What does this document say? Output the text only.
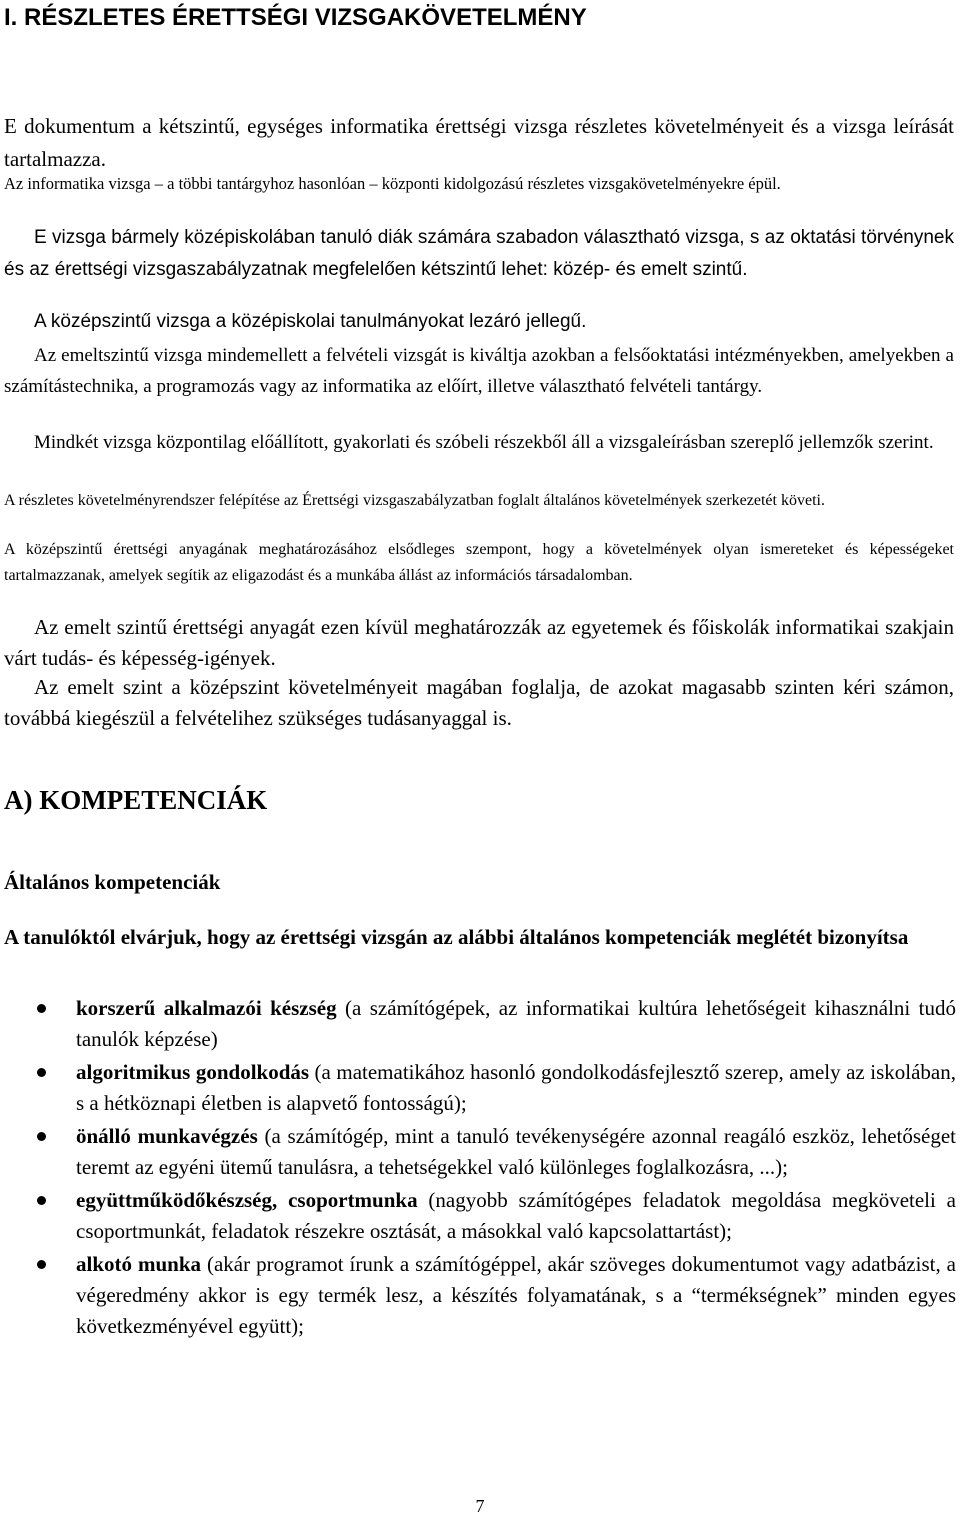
I. RÉSZLETES ÉRETTSÉGI VIZSGAKÖVETELMÉNY

E dokumentum a kétszintű, egységes informatika érettségi vizsga részletes követelményeit és a vizsga leírását tartalmazza.

Az informatika vizsga – a többi tantárgyhoz hasonlóan – központi kidolgozású részletes vizsgakövetelményekre épül.

E vizsga bármely középiskolában tanuló diák számára szabadon választható vizsga, s az oktatási törvénynek és az érettségi vizsgaszabályzatnak megfelelően kétszintű lehet: közép- és emelt szintű.

A középszintű vizsga a középiskolai tanulmányokat lezáró jellegű.

Az emeltszintű vizsga mindemellett a felvételi vizsgát is kiváltja azokban a felsőoktatási intézményekben, amelyekben a számítástechnika, a programozás vagy az informatika az előírt, illetve választható felvételi tantárgy.

Mindkét vizsga központilag előállított, gyakorlati és szóbeli részekből áll a vizsgaleírásban szereplő jellemzők szerint.

A részletes követelményrendszer felépítése az Érettségi vizsgaszabályzatban foglalt általános követelmények szerkezetét követi.

A középszintű érettségi anyagának meghatározásához elsődleges szempont, hogy a követelmények olyan ismereteket és képességeket tartalmazzanak, amelyek segítik az eligazodást és a munkába állást az információs társadalomban.

Az emelt szintű érettségi anyagát ezen kívül meghatározzák az egyetemek és főiskolák informatikai szakjain várt tudás- és képesség-igények.

Az emelt szint a középszint követelményeit magában foglalja, de azokat magasabb szinten kéri számon, továbbá kiegészül a felvételihez szükséges tudásanyaggal is.

A) KOMPETENCIÁK
Általános kompetenciák

A tanulóktól elvárjuk, hogy az érettségi vizsgán az alábbi általános kompetenciák meglétét bizonyítsa

korszerű alkalmazói készség (a számítógépek, az informatikai kultúra lehetőségeit kihasználni tudó tanulók képzése)
algoritmikus gondolkodás (a matematikához hasonló gondolkodásfejlesztő szerep, amely az iskolában, s a hétköznapi életben is alapvető fontosságú);
önálló munkavégzés (a számítógép, mint a tanuló tevékenységére azonnal reagáló eszköz, lehetőséget teremt az egyéni ütemű tanulásra, a tehetségekkel való különleges foglalkozásra, ...);
együttműködőkészség, csoportmunka (nagyobb számítógépes feladatok megoldása megköveteli a csoportmunkát, feladatok részekre osztását, a másokkal való kapcsolattartást);
alkotó munka (akár programot írunk a számítógéppel, akár szöveges dokumentumot vagy adatbázist, a végeredmény akkor is egy termék lesz, a készítés folyamatának, s a “termékségnek” minden egyes következményével együtt);
7
